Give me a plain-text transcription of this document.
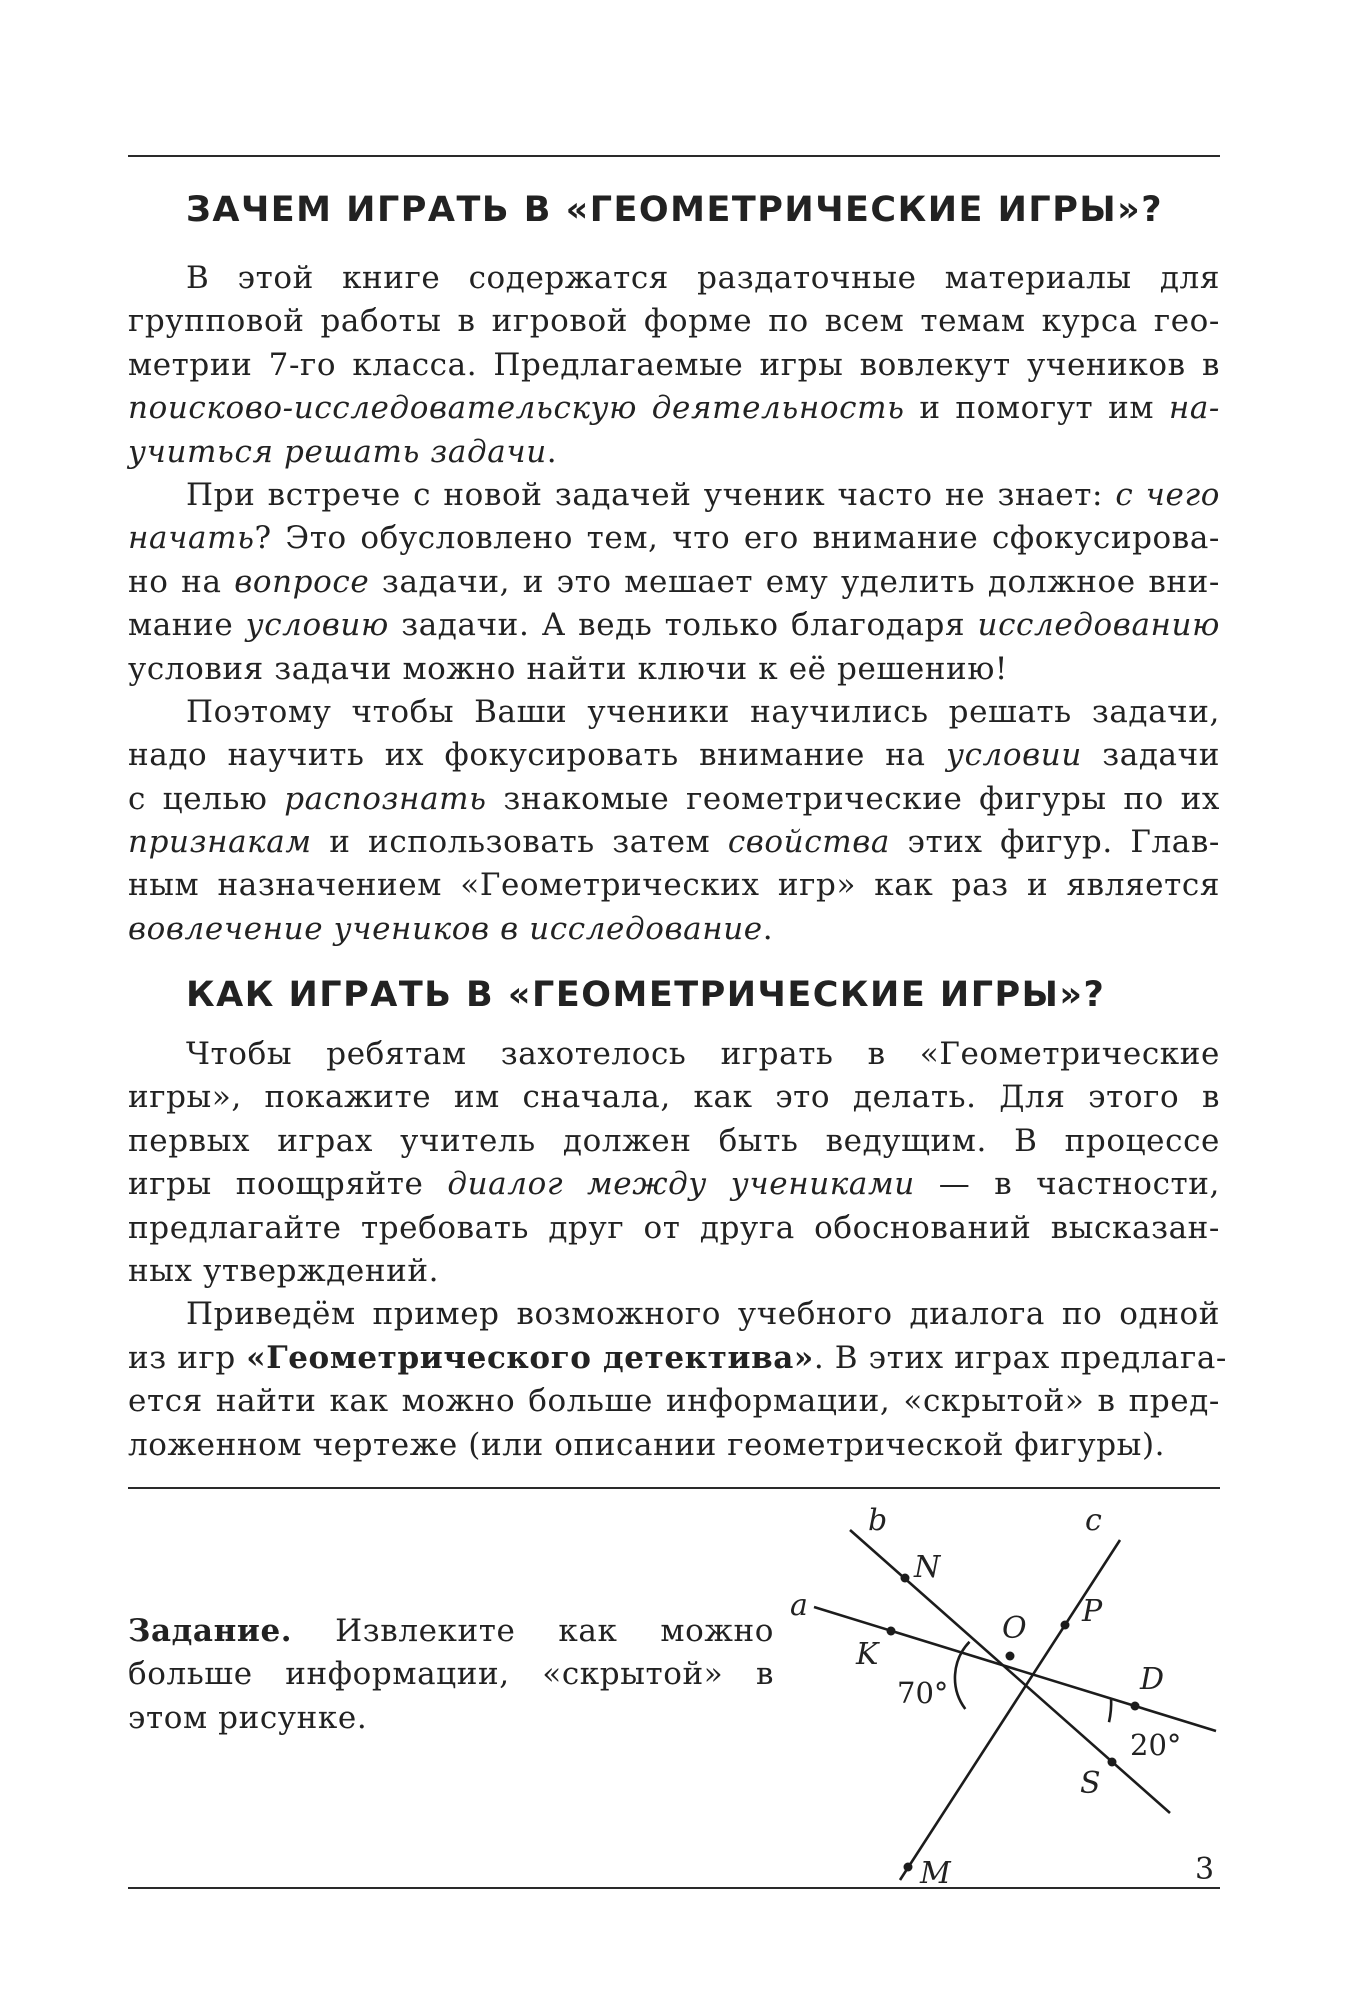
ЗАЧЕМ ИГРАТЬ В «ГЕОМЕТРИЧЕСКИЕ ИГРЫ»?

В этой книге содержатся раздаточные материалы для
групповой работы в игровой форме по всем темам курса гео-
метрии 7-го класса. Предлагаемые игры вовлекут учеников в
поисково-исследовательскую деятельность и помогут им на-
учиться решать задачи.

При встрече с новой задачей ученик часто не знает: с чего
начать? Это обусловлено тем, что его внимание сфокусирова-
но на вопросе задачи, и это мешает ему уделить должное вни-
мание условию задачи. А ведь только благодаря исследованию
условия задачи можно найти ключи к её решению!

Поэтому чтобы Ваши ученики научились решать задачи,
надо научить их фокусировать внимание на условии задачи
с целью распознать знакомые геометрические фигуры по их
признакам и использовать затем свойства этих фигур. Глав-
ным назначением «Геометрических игр» как раз и является
вовлечение учеников в исследование.

КАК ИГРАТЬ В «ГЕОМЕТРИЧЕСКИЕ ИГРЫ»?

Чтобы ребятам захотелось играть в «Геометрические
игры», покажите им сначала, как это делать. Для этого в
первых играх учитель должен быть ведущим. В процессе
игры поощряйте диалог между учениками — в частности,
предлагайте требовать друг от друга обоснований высказан-
ных утверждений.

Приведём пример возможного учебного диалога по одной
из игр «Геометрического детектива». В этих играх предлага-
ется найти как можно больше информации, «скрытой» в пред-
ложенном чертеже (или описании геометрической фигуры).

Задание. Извлеките как можно
больше информации, «скрытой» в
этом рисунке.
a
b	c
N
P
O
K
D
S
M
70°
20°
3
